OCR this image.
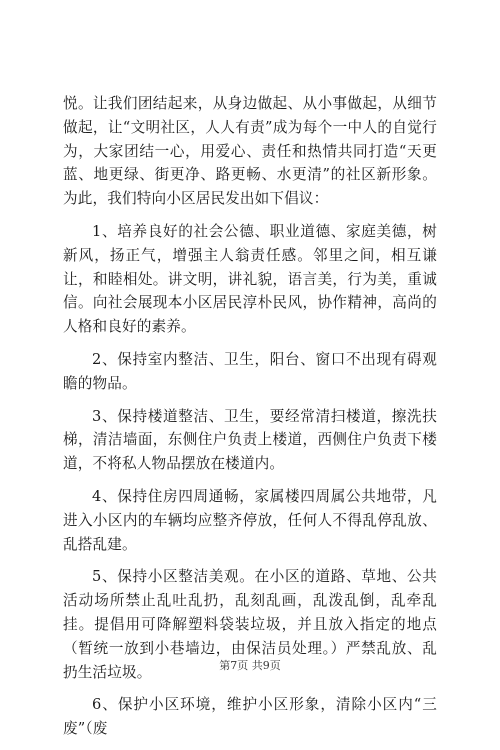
悦。让我们团结起来，从身边做起、从小事做起，从细节做起，让“文明社区，人人有责”成为每个一中人的自觉行为，大家团结一心，用爱心、责任和热情共同打造“天更蓝、地更绿、街更净、路更畅、水更清”的社区新形象。为此，我们特向小区居民发出如下倡议：

1、培养良好的社会公德、职业道德、家庭美德，树新风，扬正气，增强主人翁责任感。邻里之间，相互谦让，和睦相处。讲文明，讲礼貌，语言美，行为美，重诚信。向社会展现本小区居民淳朴民风，协作精神，高尚的人格和良好的素养。

2、保持室内整洁、卫生，阳台、窗口不出现有碍观瞻的物品。

3、保持楼道整洁、卫生，要经常清扫楼道，擦洗扶梯，清洁墙面，东侧住户负责上楼道，西侧住户负责下楼道，不将私人物品摆放在楼道内。

4、保持住房四周通畅，家属楼四周属公共地带，凡进入小区内的车辆均应整齐停放，任何人不得乱停乱放、乱搭乱建。

5、保持小区整洁美观。在小区的道路、草地、公共活动场所禁止乱吐乱扔，乱刻乱画，乱泼乱倒，乱牵乱挂。提倡用可降解塑料袋装垃圾，并且放入指定的地点（暂统一放到小巷墙边，由保洁员处理。）严禁乱放、乱扔生活垃圾。

6、保护小区环境，维护小区形象，清除小区内“三废”（废

第7页 共9页
